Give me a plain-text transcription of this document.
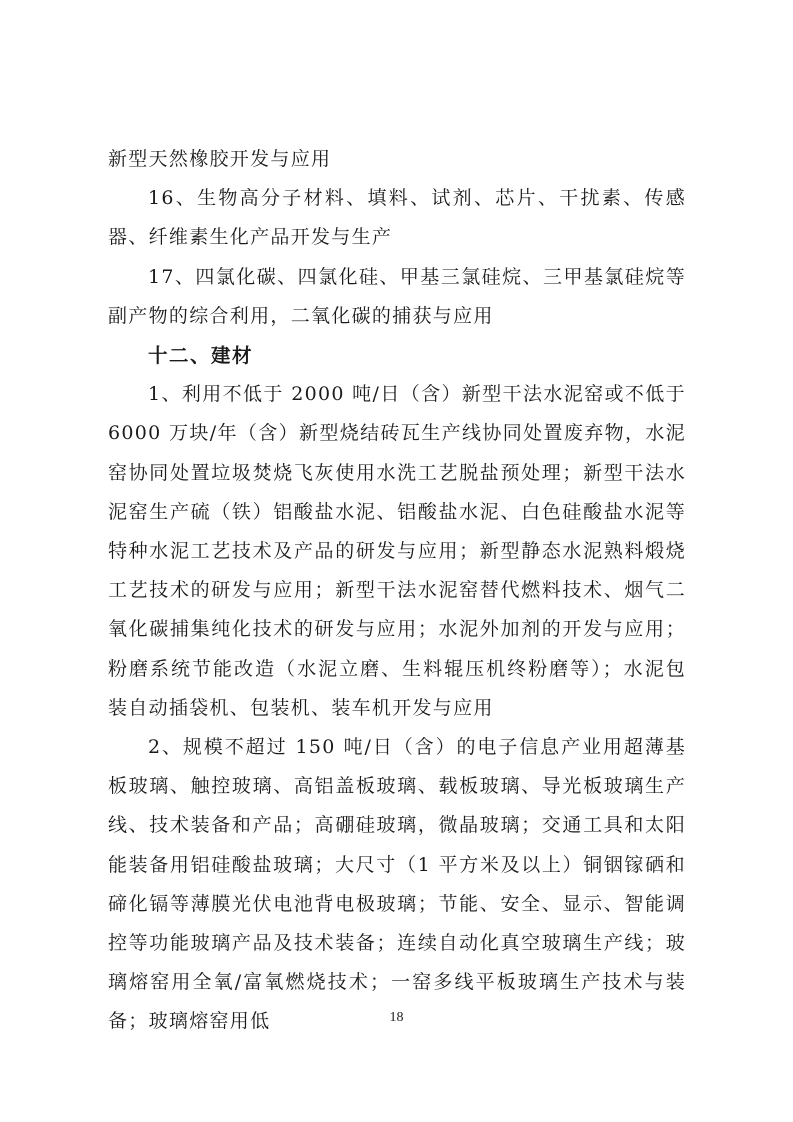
新型天然橡胶开发与应用

16、生物高分子材料、填料、试剂、芯片、干扰素、传感器、纤维素生化产品开发与生产

17、四氯化碳、四氯化硅、甲基三氯硅烷、三甲基氯硅烷等副产物的综合利用，二氧化碳的捕获与应用

十二、建材

1、利用不低于 2000 吨/日（含）新型干法水泥窑或不低于 6000 万块/年（含）新型烧结砖瓦生产线协同处置废弃物，水泥窑协同处置垃圾焚烧飞灰使用水洗工艺脱盐预处理；新型干法水泥窑生产硫（铁）铝酸盐水泥、铝酸盐水泥、白色硅酸盐水泥等特种水泥工艺技术及产品的研发与应用；新型静态水泥熟料煅烧工艺技术的研发与应用；新型干法水泥窑替代燃料技术、烟气二氧化碳捕集纯化技术的研发与应用；水泥外加剂的开发与应用；粉磨系统节能改造（水泥立磨、生料辊压机终粉磨等）；水泥包装自动插袋机、包装机、装车机开发与应用

2、规模不超过 150 吨/日（含）的电子信息产业用超薄基板玻璃、触控玻璃、高铝盖板玻璃、载板玻璃、导光板玻璃生产线、技术装备和产品；高硼硅玻璃，微晶玻璃；交通工具和太阳能装备用铝硅酸盐玻璃；大尺寸（1 平方米及以上）铜铟镓硒和碲化镉等薄膜光伏电池背电极玻璃；节能、安全、显示、智能调控等功能玻璃产品及技术装备；连续自动化真空玻璃生产线；玻璃熔窑用全氧/富氧燃烧技术；一窑多线平板玻璃生产技术与装备；玻璃熔窑用低	18
